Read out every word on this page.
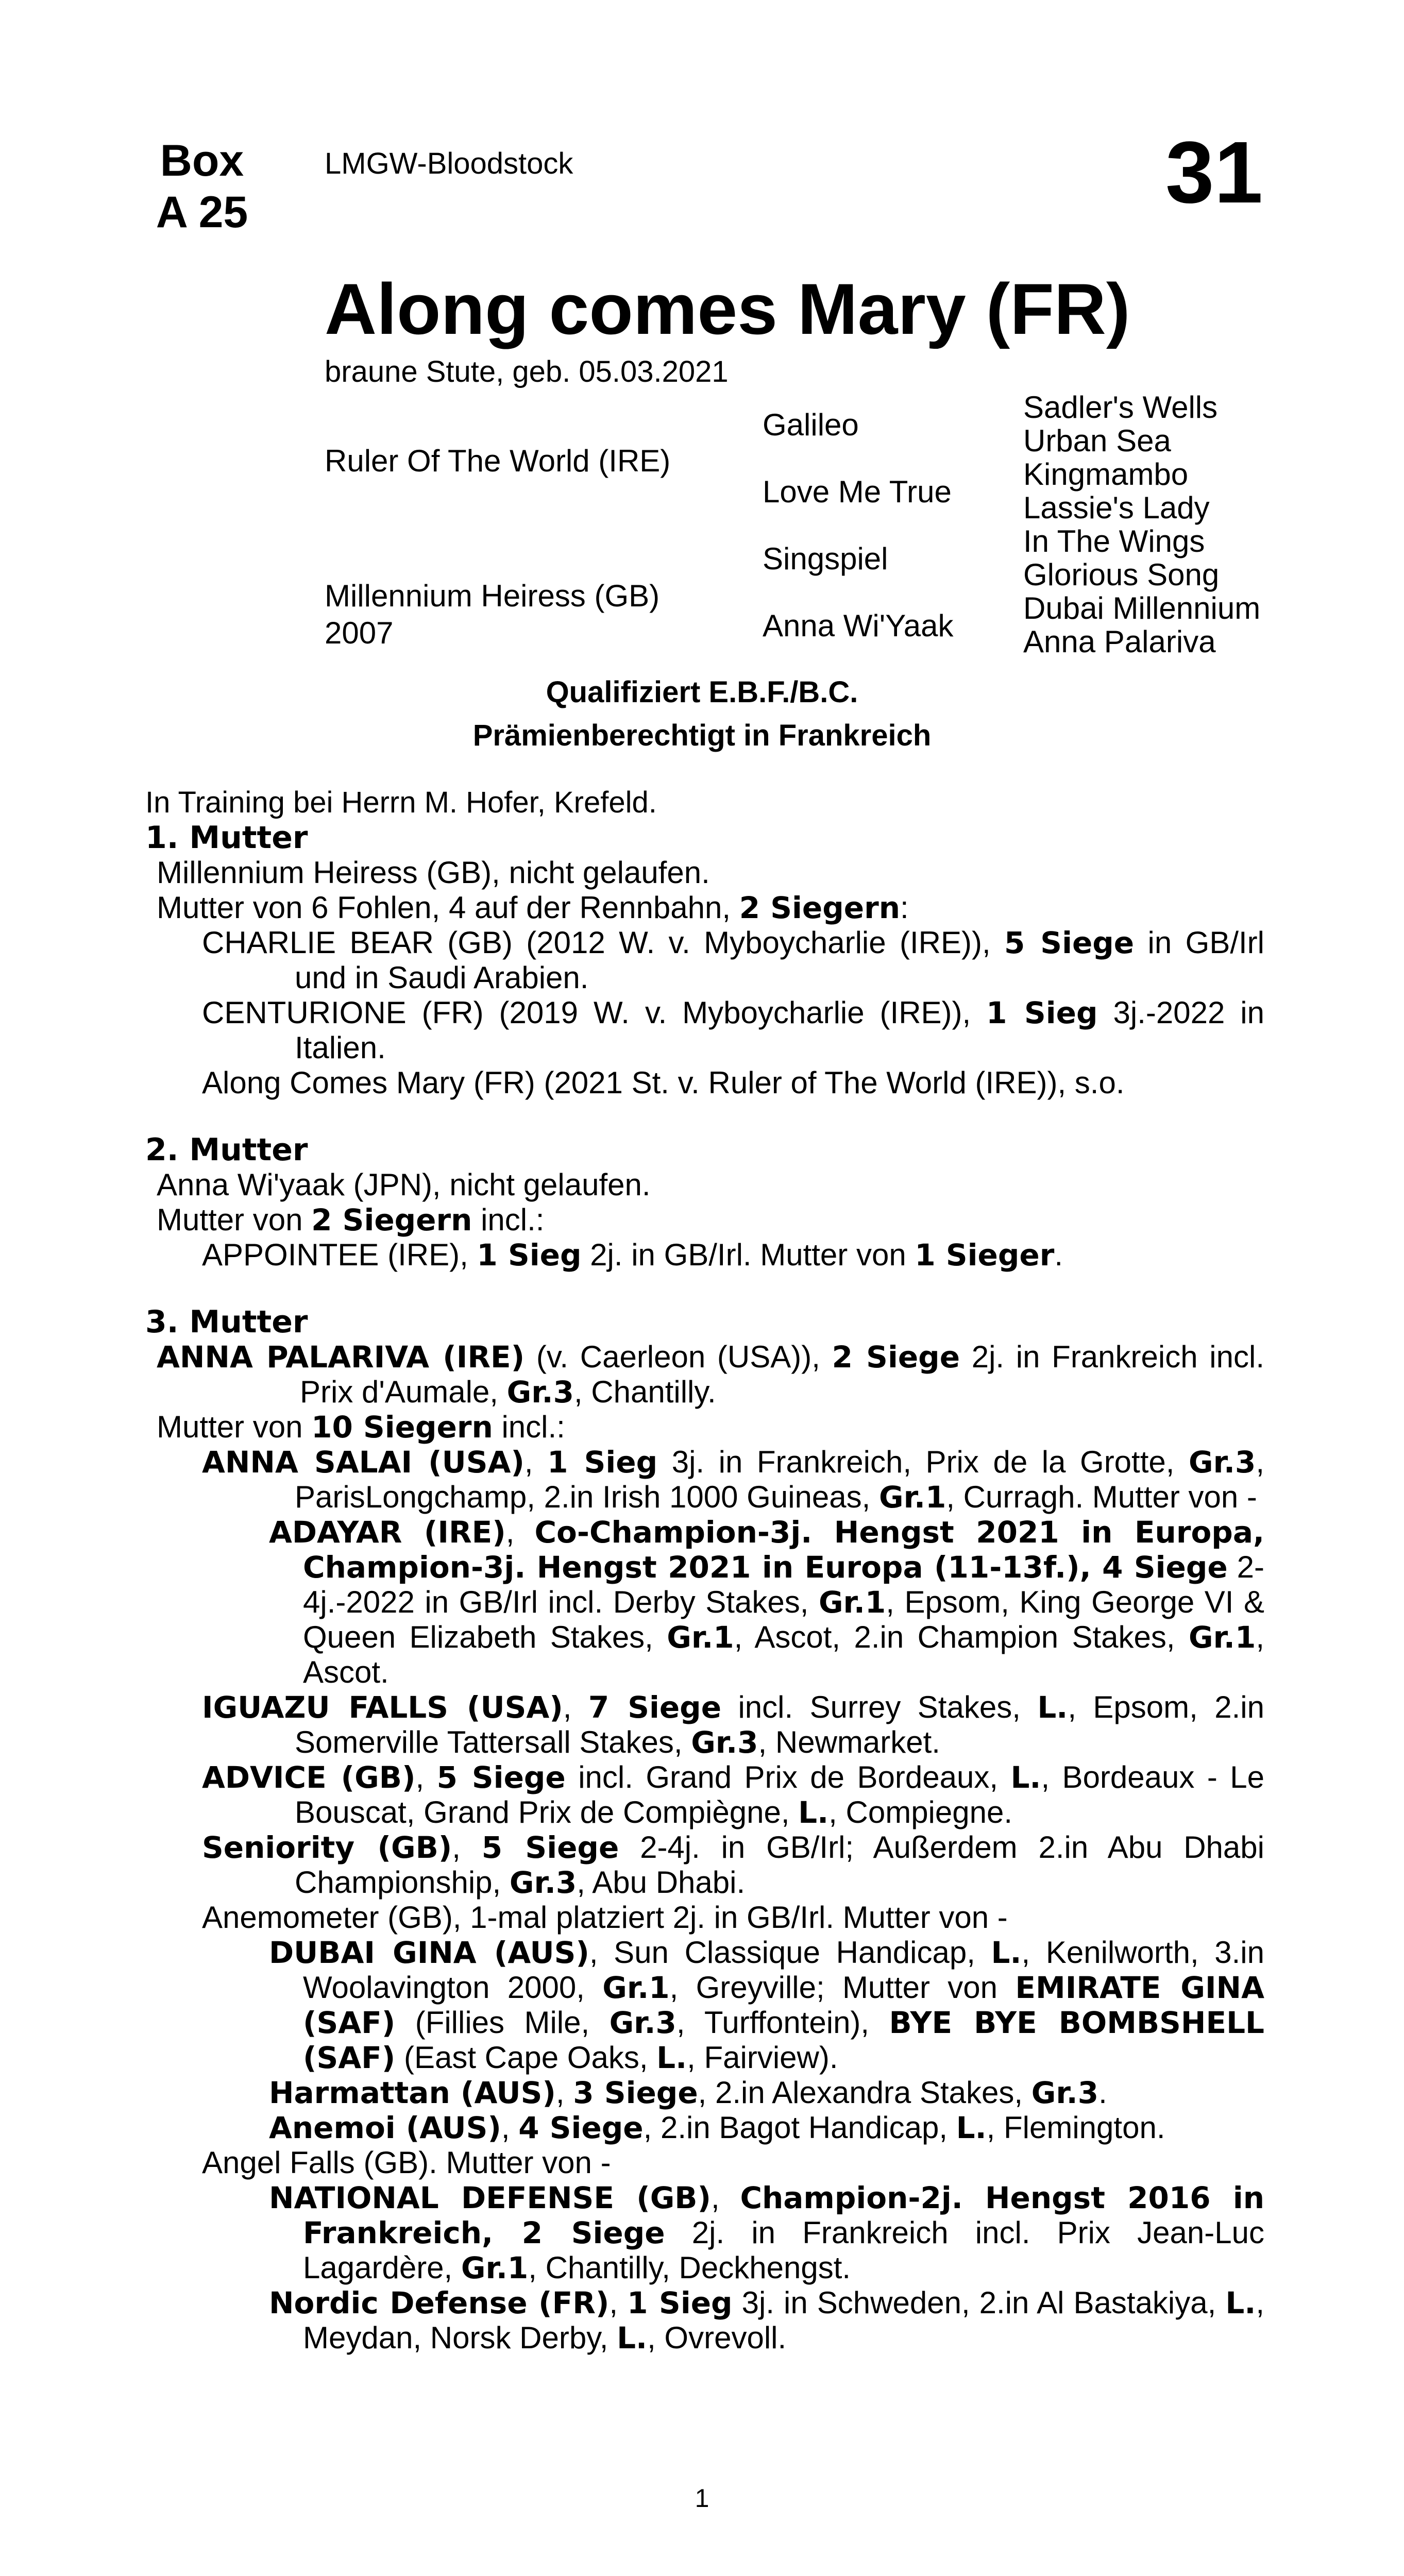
Box
A 25
LMGW-Bloodstock	31
Along comes Mary (FR)
braune Stute, geb. 05.03.2021
Ruler Of The World (IRE)
Millennium Heiress (GB)
2007
Galileo
Love Me True
Singspiel
Anna Wi'Yaak
Sadler's Wells
Urban Sea
Kingmambo
Lassie's Lady
In The Wings
Glorious Song
Dubai Millennium
Anna Palariva
Qualifiziert E.B.F./B.C.
Prämienberechtigt in Frankreich

In Training bei Herrn M. Hofer, Krefeld.

1. Mutter

Millennium Heiress (GB), nicht gelaufen.

Mutter von 6 Fohlen, 4 auf der Rennbahn, 2 Siegern:

CHARLIE BEAR (GB) (2012 W. v. Myboycharlie (IRE)), 5 Siege in GB/Irl und in Saudi Arabien.

CENTURIONE (FR) (2019 W. v. Myboycharlie (IRE)), 1 Sieg 3j.-2022 in Italien.

Along Comes Mary (FR) (2021 St. v. Ruler of The World (IRE)), s.o.

2. Mutter

Anna Wi'yaak (JPN), nicht gelaufen.

Mutter von 2 Siegern incl.:

APPOINTEE (IRE), 1 Sieg 2j. in GB/Irl. Mutter von 1 Sieger.

3. Mutter

ANNA PALARIVA (IRE) (v. Caerleon (USA)), 2 Siege 2j. in Frankreich incl. Prix d'Aumale, Gr.3, Chantilly.

Mutter von 10 Siegern incl.:

ANNA SALAI (USA), 1 Sieg 3j. in Frankreich, Prix de la Grotte, Gr.3, ParisLongchamp, 2.in Irish 1000 Guineas, Gr.1, Curragh. Mutter von -

ADAYAR (IRE), Co-Champion-3j. Hengst 2021 in Europa, Champion-3j. Hengst 2021 in Europa (11-13f.), 4 Siege 2-4j.-2022 in GB/Irl incl. Derby Stakes, Gr.1, Epsom, King George VI & Queen Elizabeth Stakes, Gr.1, Ascot, 2.in Champion Stakes, Gr.1, Ascot.

IGUAZU FALLS (USA), 7 Siege incl. Surrey Stakes, L., Epsom, 2.in Somerville Tattersall Stakes, Gr.3, Newmarket.

ADVICE (GB), 5 Siege incl. Grand Prix de Bordeaux, L., Bordeaux - Le Bouscat, Grand Prix de Compiègne, L., Compiegne.

Seniority (GB), 5 Siege 2-4j. in GB/Irl; Außerdem 2.in Abu Dhabi Championship, Gr.3, Abu Dhabi.

Anemometer (GB), 1-mal platziert 2j. in GB/Irl. Mutter von -

DUBAI GINA (AUS), Sun Classique Handicap, L., Kenilworth, 3.in Woolavington 2000, Gr.1, Greyville; Mutter von EMIRATE GINA (SAF) (Fillies Mile, Gr.3, Turffontein), BYE BYE BOMBSHELL (SAF) (East Cape Oaks, L., Fairview).

Harmattan (AUS), 3 Siege, 2.in Alexandra Stakes, Gr.3.

Anemoi (AUS), 4 Siege, 2.in Bagot Handicap, L., Flemington.

Angel Falls (GB). Mutter von -

NATIONAL DEFENSE (GB), Champion-2j. Hengst 2016 in Frankreich, 2 Siege 2j. in Frankreich incl. Prix Jean-Luc Lagardère, Gr.1, Chantilly, Deckhengst.

Nordic Defense (FR), 1 Sieg 3j. in Schweden, 2.in Al Bastakiya, L., Meydan, Norsk Derby, L., Ovrevoll.

1
